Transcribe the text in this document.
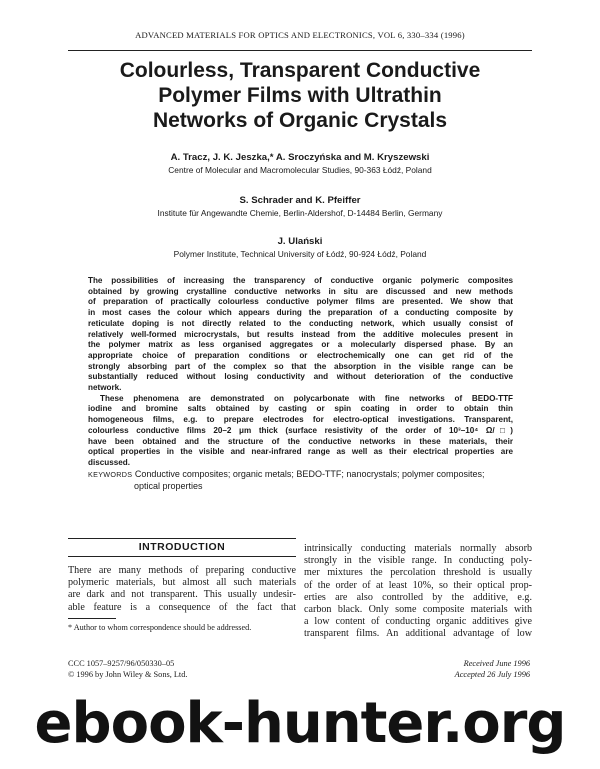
ADVANCED MATERIALS FOR OPTICS AND ELECTRONICS, VOL 6, 330–334 (1996)
Colourless, Transparent Conductive
Polymer Films with Ultrathin
Networks of Organic Crystals
A. Tracz, J. K. Jeszka,* A. Sroczyńska and M. Kryszewski
Centre of Molecular and Macromolecular Studies, 90-363 Łódź, Poland
S. Schrader and K. Pfeiffer
Institute für Angewandte Chemie, Berlin-Aldershof, D-14484 Berlin, Germany
J. Ulański
Polymer Institute, Technical University of Łódź, 90-924 Łódź, Poland

The possibilities of increasing the transparency of conductive organic polymeric composites
obtained by growing crystalline conductive networks in situ are discussed and new methods
of preparation of practically colourless conductive polymer films are presented. We show that
in most cases the colour which appears during the preparation of a conducting composite by
reticulate doping is not directly related to the conducting network, which usually consist of
relatively well-formed microcrystals, but results instead from the additive molecules present in
the polymer matrix as less organised aggregates or a molecularly dispersed phase. By an
appropriate choice of preparation conditions or electrochemically one can get rid of the
strongly absorbing part of the complex so that the absorption in the visible range can be
substantially reduced without losing conductivity and without deterioration of the conductive
network.

These phenomena are demonstrated on polycarbonate with fine networks of BEDO-TTF
iodine and bromine salts obtained by casting or spin coating in order to obtain thin
homogeneous films, e.g. to prepare electrodes for electro-optical investigations. Transparent,
colourless conductive films 20–2 μm thick (surface resistivity of the order of 10³–10⁴ Ω/□)
have been obtained and the structure of the conductive networks in these materials, their
optical properties in the visible and near-infrared range as well as their electrical properties are
discussed.

KEYWORDS Conductive composites; organic metals; BEDO-TTF; nanocrystals; polymer composites;
optical properties
INTRODUCTION
There are many methods of preparing conductive
polymeric materials, but almost all such materials
are dark and not transparent. This usually undesir-
able feature is a consequence of the fact that
intrinsically conducting materials normally absorb
strongly in the visible range. In conducting poly-
mer mixtures the percolation threshold is usually
of the order of at least 10%, so their optical prop-
erties are also controlled by the additive, e.g.
carbon black. Only some composite materials with
a low content of conducting organic additives give
transparent films. An additional advantage of low
* Author to whom correspondence should be addressed.
CCC 1057–9257/96/050330–05
© 1996 by John Wiley & Sons, Ltd.
Received June 1996
Accepted 26 July 1996
ebook-hunter.org
